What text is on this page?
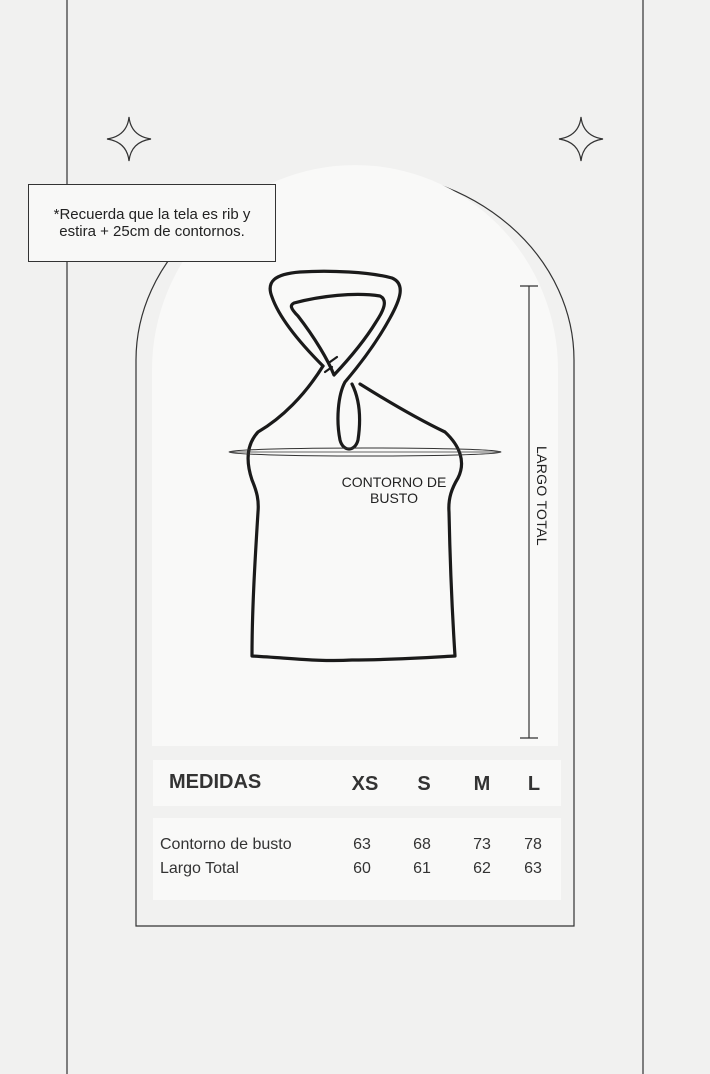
*Recuerda que la tela es rib y estira + 25cm de contornos.
CONTORNO DE BUSTO	LARGO TOTAL
MEDIDAS	XS	S	M	L
Contorno de busto	63	68	73	78
Largo Total	60	61	62	63
